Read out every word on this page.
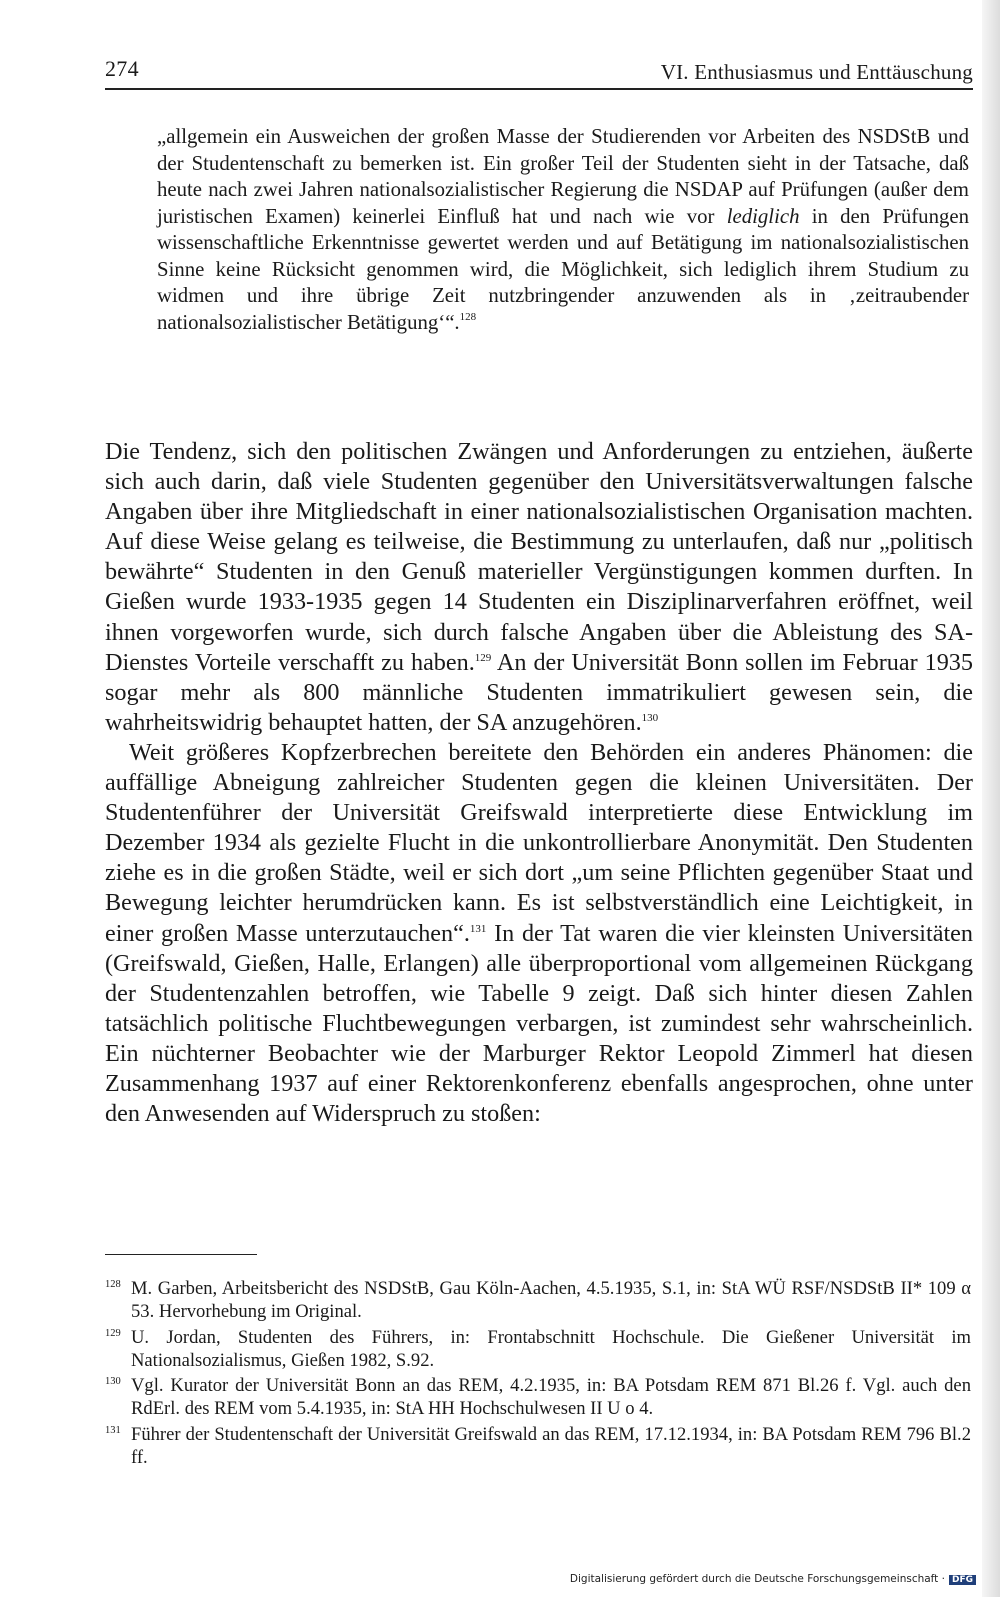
274	VI. Enthusiasmus und Enttäuschung
„allgemein ein Ausweichen der großen Masse der Studierenden vor Arbeiten des NSDStB und der Studentenschaft zu bemerken ist. Ein großer Teil der Studenten sieht in der Tatsache, daß heute nach zwei Jahren nationalsozialistischer Regierung die NSDAP auf Prüfungen (außer dem juristischen Examen) keinerlei Einfluß hat und nach wie vor lediglich in den Prüfungen wissenschaftliche Erkenntnisse gewertet werden und auf Betätigung im nationalsozialistischen Sinne keine Rücksicht genommen wird, die Möglichkeit, sich lediglich ihrem Studium zu widmen und ihre übrige Zeit nutzbringender anzuwenden als in ‚zeitraubender nationalsozialistischer Betätigung‘“.$^{128}$

Die Tendenz, sich den politischen Zwängen und Anforderungen zu entziehen, äußerte sich auch darin, daß viele Studenten gegenüber den Universitätsverwaltungen falsche Angaben über ihre Mitgliedschaft in einer nationalsozialistischen Organisation machten. Auf diese Weise gelang es teilweise, die Bestimmung zu unterlaufen, daß nur „politisch bewährte“ Studenten in den Genuß materieller Vergünstigungen kommen durften. In Gießen wurde 1933-1935 gegen 14 Studenten ein Disziplinarverfahren eröffnet, weil ihnen vorgeworfen wurde, sich durch falsche Angaben über die Ableistung des SA-Dienstes Vorteile verschafft zu haben.$^{129}$ An der Universität Bonn sollen im Februar 1935 sogar mehr als 800 männliche Studenten immatrikuliert gewesen sein, die wahrheitswidrig behauptet hatten, der SA anzugehören.$^{130}$

Weit größeres Kopfzerbrechen bereitete den Behörden ein anderes Phänomen: die auffällige Abneigung zahlreicher Studenten gegen die kleinen Universitäten. Der Studentenführer der Universität Greifswald interpretierte diese Entwicklung im Dezember 1934 als gezielte Flucht in die unkontrollierbare Anonymität. Den Studenten ziehe es in die großen Städte, weil er sich dort „um seine Pflichten gegenüber Staat und Bewegung leichter herumdrücken kann. Es ist selbstverständlich eine Leichtigkeit, in einer großen Masse unterzutauchen“.$^{131}$ In der Tat waren die vier kleinsten Universitäten (Greifswald, Gießen, Halle, Erlangen) alle überproportional vom allgemeinen Rückgang der Studentenzahlen betroffen, wie Tabelle 9 zeigt. Daß sich hinter diesen Zahlen tatsächlich politische Fluchtbewegungen verbargen, ist zumindest sehr wahrscheinlich. Ein nüchterner Beobachter wie der Marburger Rektor Leopold Zimmerl hat diesen Zusammenhang 1937 auf einer Rektorenkonferenz ebenfalls angesprochen, ohne unter den Anwesenden auf Widerspruch zu stoßen:

128 M. Garben, Arbeitsbericht des NSDStB, Gau Köln-Aachen, 4.5.1935, S.1, in: StA WÜ RSF/NSDStB II* 109 α 53. Hervorhebung im Original.
129 U. Jordan, Studenten des Führers, in: Frontabschnitt Hochschule. Die Gießener Universität im Nationalsozialismus, Gießen 1982, S.92.
130 Vgl. Kurator der Universität Bonn an das REM, 4.2.1935, in: BA Potsdam REM 871 Bl.26 f. Vgl. auch den RdErl. des REM vom 5.4.1935, in: StA HH Hochschulwesen II U o 4.
131 Führer der Studentenschaft der Universität Greifswald an das REM, 17.12.1934, in: BA Potsdam REM 796 Bl.2 ff.
Digitalisierung gefördert durch die Deutsche Forschungsgemeinschaft · DFG
